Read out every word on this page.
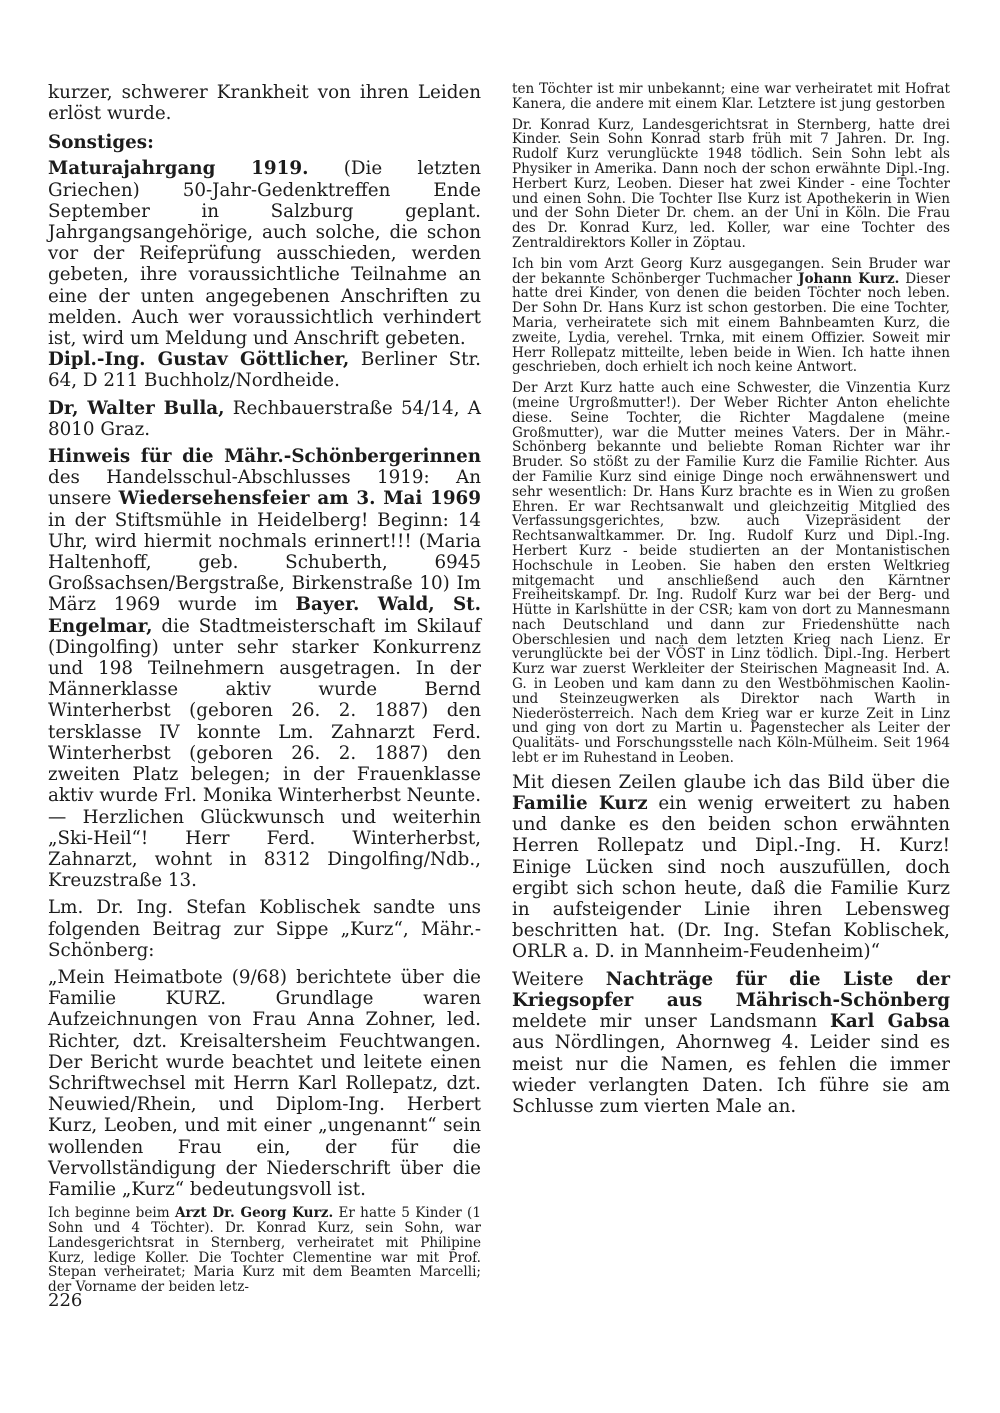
kurzer, schwerer Krankheit von ihren Leiden erlöst wurde.

Sonstiges:

Maturajahrgang 1919. (Die letzten Griechen) 50-Jahr-Gedenktreffen Ende September in Salzburg geplant. Jahrgangsangehörige, auch solche, die schon vor der Reifeprüfung ausschieden, werden gebeten, ihre voraussichtliche Teilnahme an eine der unten angegebenen Anschriften zu melden. Auch wer voraussichtlich verhindert ist, wird um Meldung und Anschrift gebeten.
Dipl.-Ing. Gustav Göttlicher, Berliner Str. 64, D 211 Buchholz/Nordheide.

Dr, Walter Bulla, Rechbauerstraße 54/14, A 8010 Graz.

Hinweis für die Mähr.-Schönbergerinnen des Handelsschul-Abschlusses 1919: An unsere Wiedersehensfeier am 3. Mai 1969 in der Stiftsmühle in Heidelberg! Beginn: 14 Uhr, wird hiermit nochmals erinnert!!! (Maria Haltenhoff, geb. Schuberth, 6945 Großsachsen/Bergstraße, Birkenstraße 10) Im März 1969 wurde im Bayer. Wald, St. Engelmar, die Stadtmeisterschaft im Skilauf (Dingolfing) unter sehr starker Konkurrenz und 198 Teilnehmern ausgetragen. In der Männerklasse aktiv wurde Bernd Winterherbst (geboren 26. 2. 1887) den tersklasse IV konnte Lm. Zahnarzt Ferd. Winterherbst (geboren 26. 2. 1887) den zweiten Platz belegen; in der Frauenklasse aktiv wurde Frl. Monika Winterherbst Neunte. — Herzlichen Glückwunsch und weiterhin „Ski-Heil“! Herr Ferd. Winterherbst, Zahnarzt, wohnt in 8312 Dingolfing/Ndb., Kreuzstraße 13.

Lm. Dr. Ing. Stefan Koblischek sandte uns folgenden Beitrag zur Sippe „Kurz“, Mähr.-Schönberg:

„Mein Heimatbote (9/68) berichtete über die Familie KURZ. Grundlage waren Aufzeichnungen von Frau Anna Zohner, led. Richter, dzt. Kreisaltersheim Feuchtwangen. Der Bericht wurde beachtet und leitete einen Schriftwechsel mit Herrn Karl Rollepatz, dzt. Neuwied/Rhein, und Diplom-Ing. Herbert Kurz, Leoben, und mit einer „ungenannt“ sein wollenden Frau ein, der für die Vervollständigung der Niederschrift über die Familie „Kurz“ bedeutungsvoll ist.

Ich beginne beim Arzt Dr. Georg Kurz. Er hatte 5 Kinder (1 Sohn und 4 Töchter). Dr. Konrad Kurz, sein Sohn, war Landesgerichtsrat in Sternberg, verheiratet mit Philipine Kurz, ledige Koller. Die Tochter Clementine war mit Prof. Stepan verheiratet; Maria Kurz mit dem Beamten Marcelli; der Vorname der beiden letz-

ten Töchter ist mir unbekannt; eine war verheiratet mit Hofrat Kanera, die andere mit einem Klar. Letztere ist jung gestorben

Dr. Konrad Kurz, Landesgerichtsrat in Sternberg, hatte drei Kinder. Sein Sohn Konrad starb früh mit 7 Jahren. Dr. Ing. Rudolf Kurz verunglückte 1948 tödlich. Sein Sohn lebt als Physiker in Amerika. Dann noch der schon erwähnte Dipl.-Ing. Herbert Kurz, Leoben. Dieser hat zwei Kinder - eine Tochter und einen Sohn. Die Tochter Ilse Kurz ist Apothekerin in Wien und der Sohn Dieter Dr. chem. an der Uni in Köln. Die Frau des Dr. Konrad Kurz, led. Koller, war eine Tochter des Zentraldirektors Koller in Zöptau.

Ich bin vom Arzt Georg Kurz ausgegangen. Sein Bruder war der bekannte Schönberger Tuchmacher Johann Kurz. Dieser hatte drei Kinder, von denen die beiden Töchter noch leben. Der Sohn Dr. Hans Kurz ist schon gestorben. Die eine Tochter, Maria, verheiratete sich mit einem Bahnbeamten Kurz, die zweite, Lydia, verehel. Trnka, mit einem Offizier. Soweit mir Herr Rollepatz mitteilte, leben beide in Wien. Ich hatte ihnen geschrieben, doch erhielt ich noch keine Antwort.

Der Arzt Kurz hatte auch eine Schwester, die Vinzentia Kurz (meine Urgroßmutter!). Der Weber Richter Anton ehelichte diese. Seine Tochter, die Richter Magdalene (meine Großmutter), war die Mutter meines Vaters. Der in Mähr.-Schönberg bekannte und beliebte Roman Richter war ihr Bruder. So stößt zu der Familie Kurz die Familie Richter. Aus der Familie Kurz sind einige Dinge noch erwähnenswert und sehr wesentlich: Dr. Hans Kurz brachte es in Wien zu großen Ehren. Er war Rechtsanwalt und gleichzeitig Mitglied des Verfassungsgerichtes, bzw. auch Vizepräsident der Rechtsanwaltkammer. Dr. Ing. Rudolf Kurz und Dipl.-Ing. Herbert Kurz - beide studierten an der Montanistischen Hochschule in Leoben. Sie haben den ersten Weltkrieg mitgemacht und anschließend auch den Kärntner Freiheitskampf. Dr. Ing. Rudolf Kurz war bei der Berg- und Hütte in Karlshütte in der CSR; kam von dort zu Mannesmann nach Deutschland und dann zur Friedenshütte nach Oberschlesien und nach dem letzten Krieg nach Lienz. Er verunglückte bei der VÖST in Linz tödlich. Dipl.-Ing. Herbert Kurz war zuerst Werkleiter der Steirischen Magneasit Ind. A. G. in Leoben und kam dann zu den Westböhmischen Kaolin- und Steinzeugwerken als Direktor nach Warth in Niederösterreich. Nach dem Krieg war er kurze Zeit in Linz und ging von dort zu Martin u. Pagenstecher als Leiter der Qualitäts- und Forschungsstelle nach Köln-Mülheim. Seit 1964 lebt er im Ruhestand in Leoben.

Mit diesen Zeilen glaube ich das Bild über die Familie Kurz ein wenig erweitert zu haben und danke es den beiden schon erwähnten Herren Rollepatz und Dipl.-Ing. H. Kurz! Einige Lücken sind noch auszufüllen, doch ergibt sich schon heute, daß die Familie Kurz in aufsteigender Linie ihren Lebensweg beschritten hat. (Dr. Ing. Stefan Koblischek, ORLR a. D. in Mannheim-Feudenheim)“

Weitere Nachträge für die Liste der Kriegsopfer aus Mährisch-Schönberg meldete mir unser Landsmann Karl Gabsa aus Nördlingen, Ahornweg 4. Leider sind es meist nur die Namen, es fehlen die immer wieder verlangten Daten. Ich führe sie am Schlusse zum vierten Male an.

226
